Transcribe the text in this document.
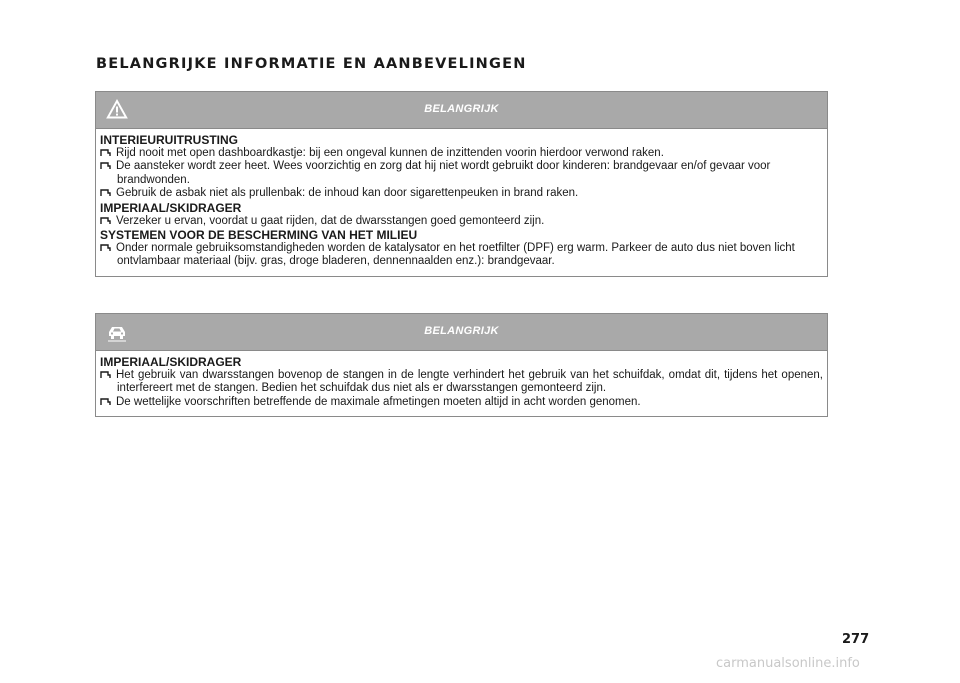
BELANGRIJKE INFORMATIE EN AANBEVELINGEN
BELANGRIJK
INTERIEURUITRUSTING
Rijd nooit met open dashboardkastje: bij een ongeval kunnen de inzittenden voorin hierdoor verwond raken.
De aansteker wordt zeer heet. Wees voorzichtig en zorg dat hij niet wordt gebruikt door kinderen: brandgevaar en/of gevaar voor brandwonden.
Gebruik de asbak niet als prullenbak: de inhoud kan door sigarettenpeuken in brand raken.
IMPERIAAL/SKIDRAGER
Verzeker u ervan, voordat u gaat rijden, dat de dwarsstangen goed gemonteerd zijn.
SYSTEMEN VOOR DE BESCHERMING VAN HET MILIEU
Onder normale gebruiksomstandigheden worden de katalysator en het roetfilter (DPF) erg warm. Parkeer de auto dus niet boven licht ontvlambaar materiaal (bijv. gras, droge bladeren, dennennaalden enz.): brandgevaar.
BELANGRIJK
IMPERIAAL/SKIDRAGER
Het gebruik van dwarsstangen bovenop de stangen in de lengte verhindert het gebruik van het schuifdak, omdat dit, tijdens het openen, interfereert met de stangen. Bedien het schuifdak dus niet als er dwarsstangen gemonteerd zijn.
De wettelijke voorschriften betreffende de maximale afmetingen moeten altijd in acht worden genomen.
277
carmanualsonline.info
